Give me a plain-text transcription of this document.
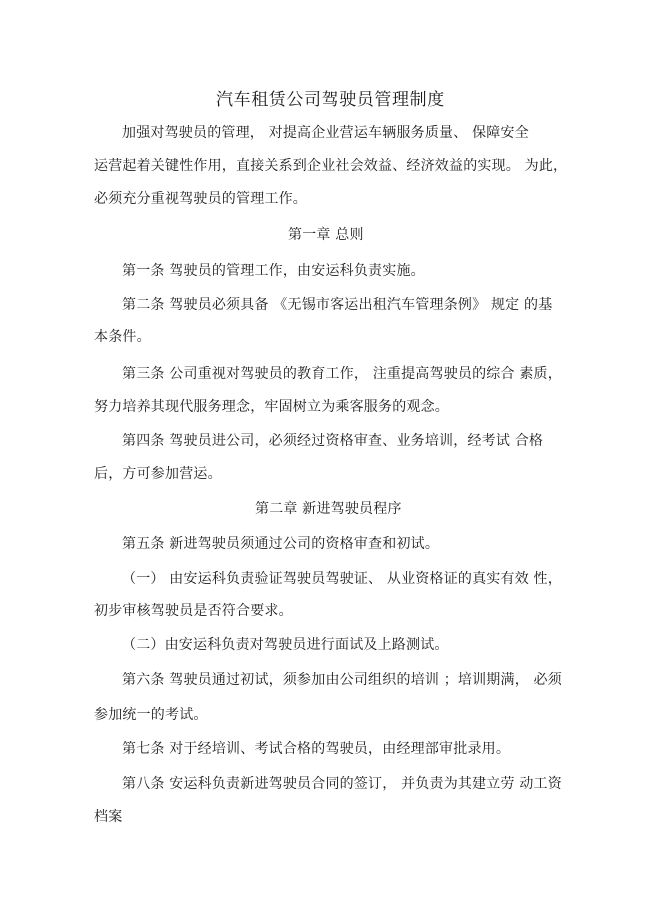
汽车租赁公司驾驶员管理制度
加强对驾驶员的管理， 对提高企业营运车辆服务质量、 保障安全
运营起着关键性作用，直接关系到企业社会效益、经济效益的实现。 为此，
必须充分重视驾驶员的管理工作。
第一章 总则
第一条 驾驶员的管理工作，由安运科负责实施。
第二条 驾驶员必须具备 《无锡市客运出租汽车管理条例》 规定 的基
本条件。
第三条 公司重视对驾驶员的教育工作， 注重提高驾驶员的综合 素质，
努力培养其现代服务理念，牢固树立为乘客服务的观念。
第四条 驾驶员进公司，必须经过资格审查、业务培训，经考试 合格
后，方可参加营运。
第二章 新进驾驶员程序
第五条 新进驾驶员须通过公司的资格审查和初试。
（一） 由安运科负责验证驾驶员驾驶证、 从业资格证的真实有效 性，
初步审核驾驶员是否符合要求。
（二）由安运科负责对驾驶员进行面试及上路测试。
第六条 驾驶员通过初试，须参加由公司组织的培训 ；培训期满， 必须
参加统一的考试。
第七条 对于经培训、考试合格的驾驶员，由经理部审批录用。
第八条 安运科负责新进驾驶员合同的签订， 并负责为其建立劳 动工资
档案
